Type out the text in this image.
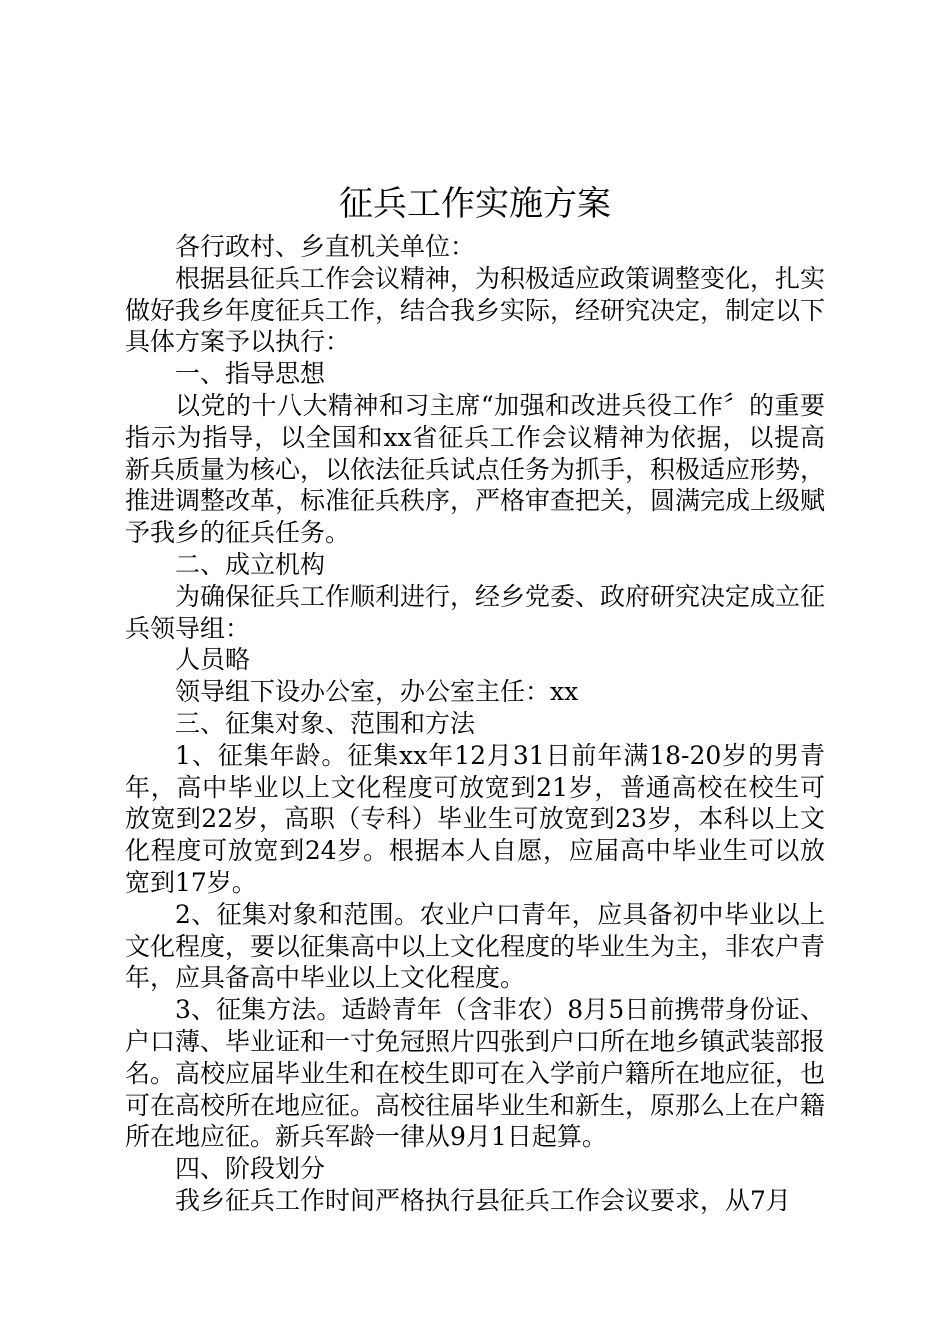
征兵工作实施方案

各行政村、乡直机关单位：

根据县征兵工作会议精神，为积极适应政策调整变化，扎实做好我乡年度征兵工作，结合我乡实际，经研究决定，制定以下具体方案予以执行：

一、指导思想

以党的十八大精神和习主席“加强和改进兵役工作〞的重要指示为指导，以全国和xx省征兵工作会议精神为依据，以提高新兵质量为核心，以依法征兵试点任务为抓手，积极适应形势，推进调整改革，标准征兵秩序，严格审查把关，圆满完成上级赋予我乡的征兵任务。

二、成立机构

为确保征兵工作顺利进行，经乡党委、政府研究决定成立征兵领导组：

人员略

领导组下设办公室，办公室主任：xx

三、征集对象、范围和方法

1、征集年龄。征集xx年12月31日前年满18-20岁的男青年，高中毕业以上文化程度可放宽到21岁，普通高校在校生可放宽到22岁，高职（专科）毕业生可放宽到23岁，本科以上文化程度可放宽到24岁。根据本人自愿，应届高中毕业生可以放宽到17岁。

2、征集对象和范围。农业户口青年，应具备初中毕业以上文化程度，要以征集高中以上文化程度的毕业生为主，非农户青年，应具备高中毕业以上文化程度。

3、征集方法。适龄青年（含非农）8月5日前携带身份证、户口薄、毕业证和一寸免冠照片四张到户口所在地乡镇武装部报名。高校应届毕业生和在校生即可在入学前户籍所在地应征，也可在高校所在地应征。高校往届毕业生和新生，原那么上在户籍所在地应征。新兵军龄一律从9月1日起算。

四、阶段划分

我乡征兵工作时间严格执行县征兵工作会议要求，从7月
